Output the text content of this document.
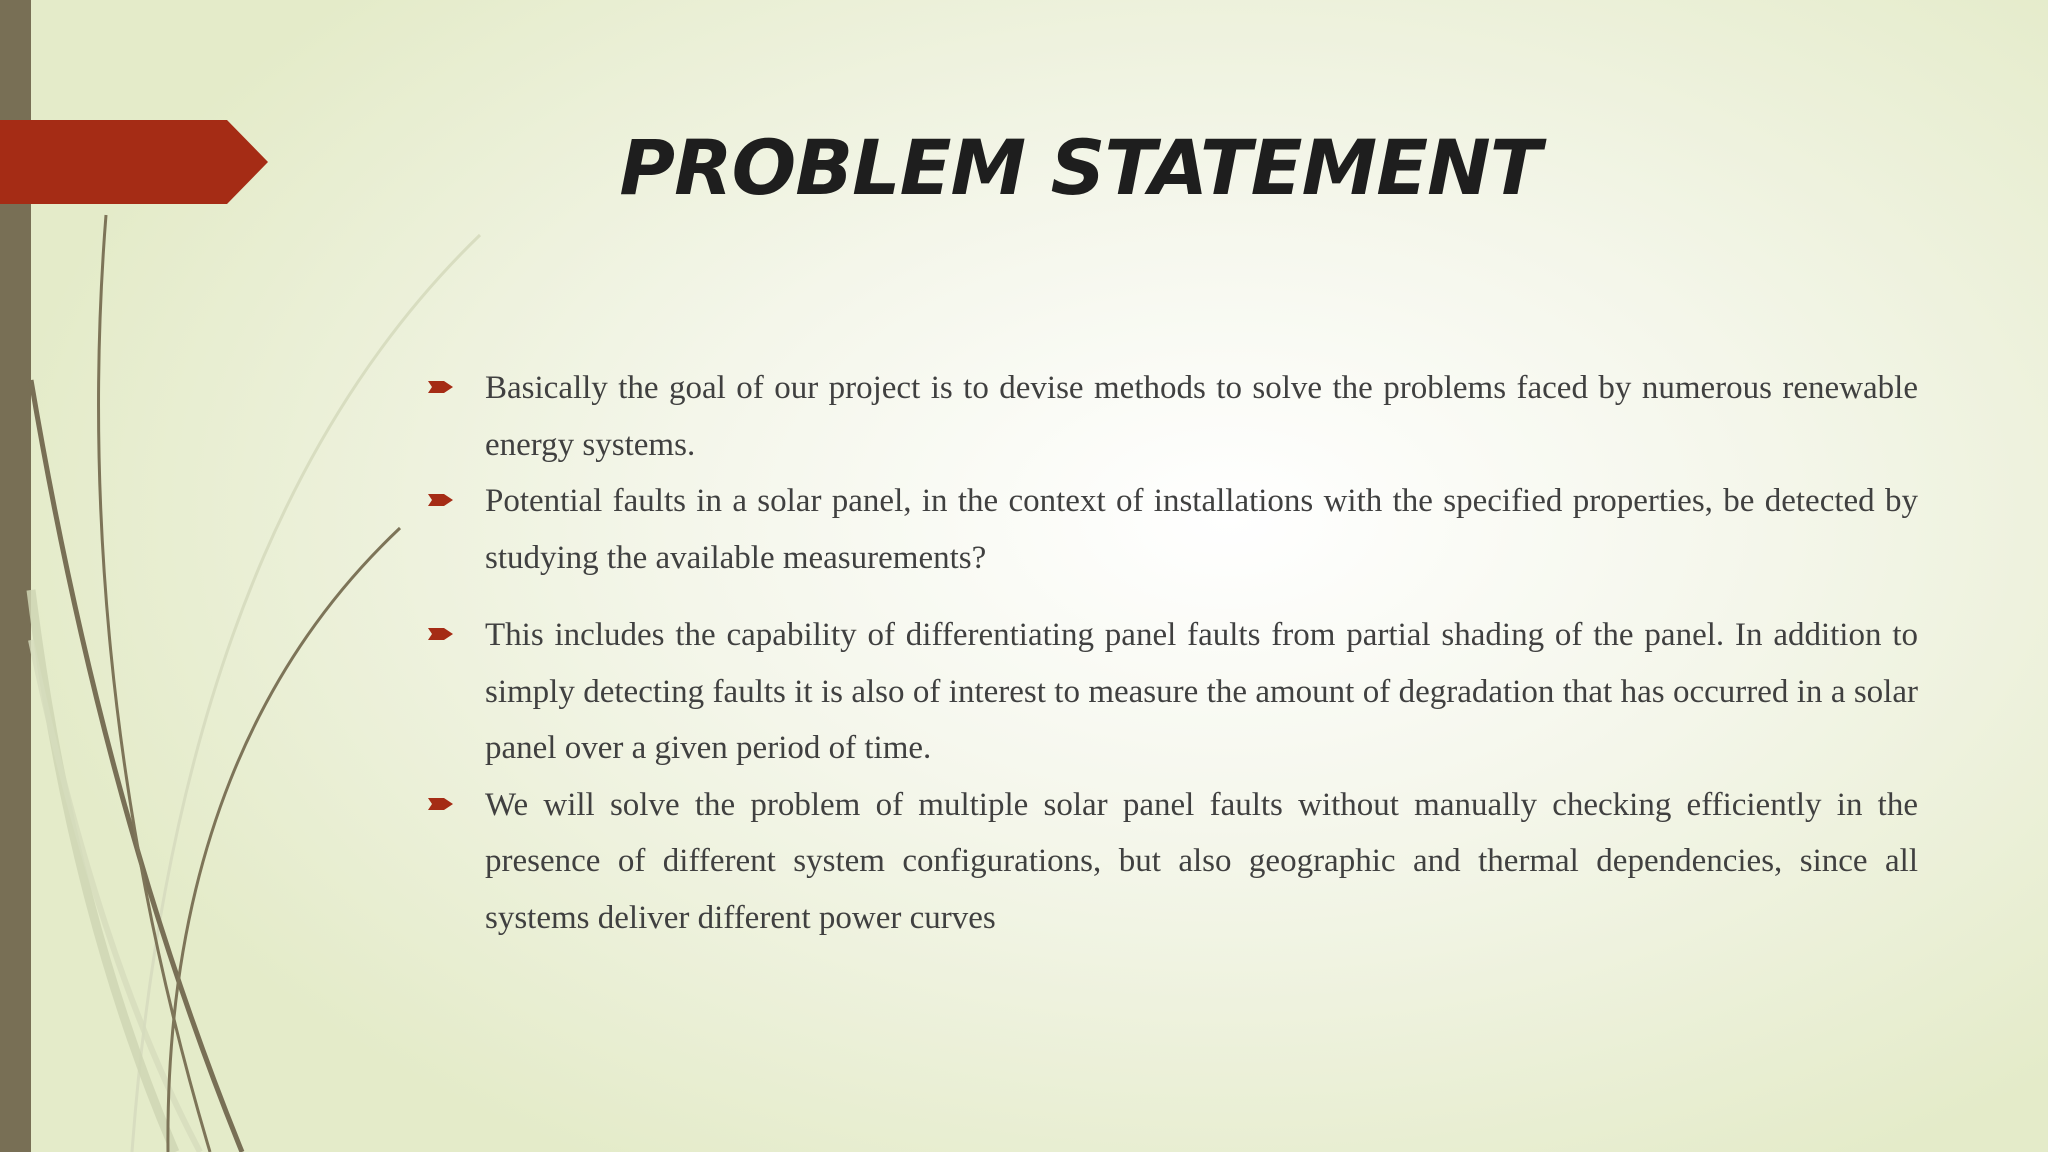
PROBLEM STATEMENT
Basically the goal of our project is to devise methods to solve the problems faced by numerous renewable energy systems.
Potential faults in a solar panel, in the context of installations with the specified properties, be detected by studying the available measurements?
This includes the capability of differentiating panel faults from partial shading of the panel. In addition to simply detecting faults it is also of interest to measure the amount of degradation that has occurred in a solar panel over a given period of time.
We will solve the problem of multiple solar panel faults without manually checking efficiently in the presence of different system configurations, but also geographic and thermal dependencies, since all systems deliver different power curves
